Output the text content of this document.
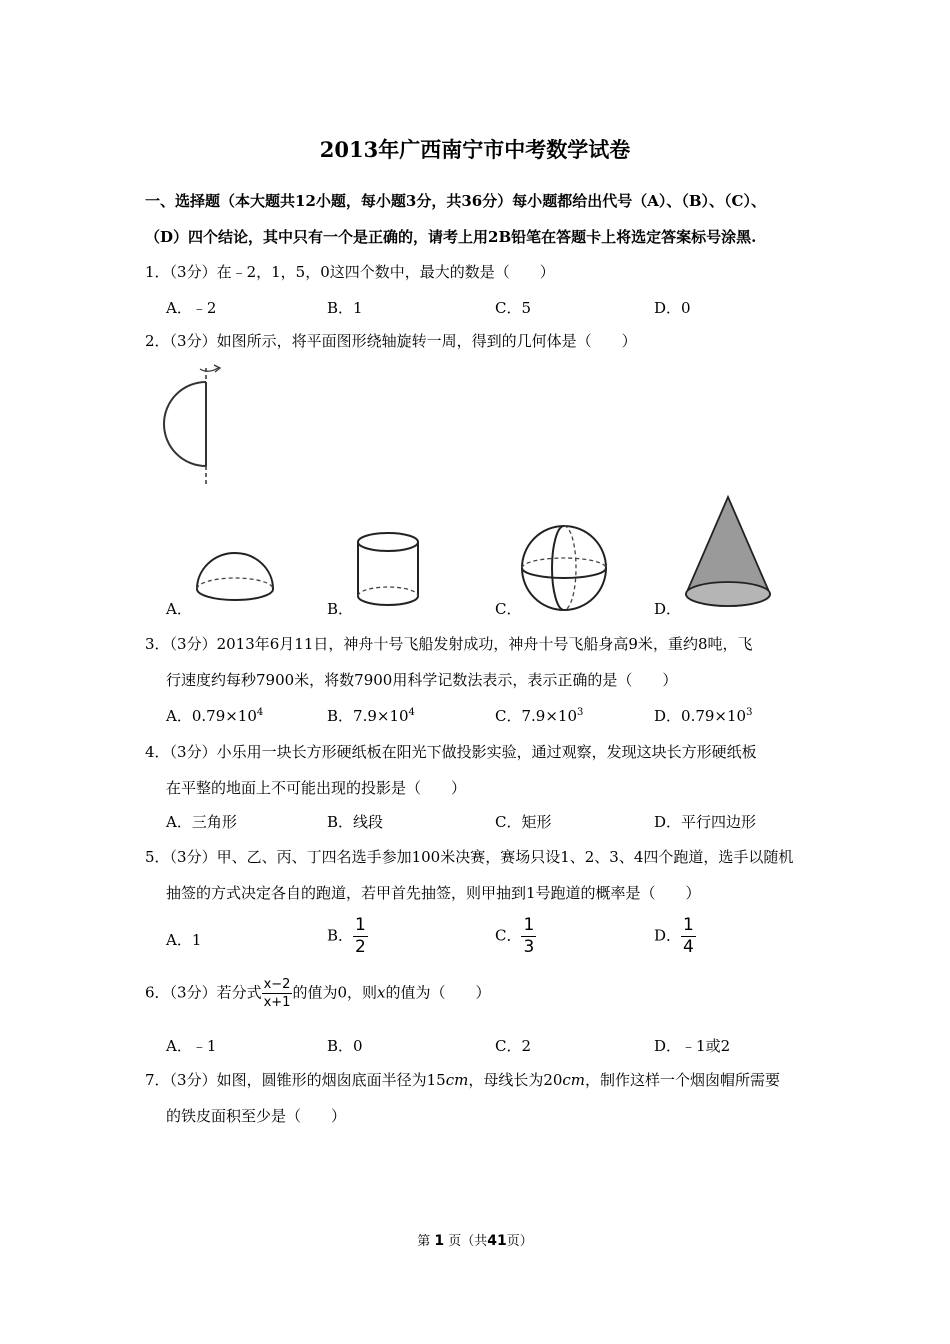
2013年广西南宁市中考数学试卷
一、选择题（本大题共12小题，每小题3分，共36分）每小题都给出代号（A）、（B）、（C）、
（D）四个结论，其中只有一个是正确的，请考上用2B铅笔在答题卡上将选定答案标号涂黑.
1．（3分）在﹣2，1，5，0这四个数中，最大的数是（　　）
A．﹣2	B．1	C．5	D．0
2．（3分）如图所示，将平面图形绕轴旋转一周，得到的几何体是（　　）
A．	B．	C．	D．
3．（3分）2013年6月11日，神舟十号飞船发射成功，神舟十号飞船身高9米，重约8吨，飞
行速度约每秒7900米，将数7900用科学记数法表示，表示正确的是（　　）
A．$0.79\times 10^4$	B．$7.9\times 10^4$	C．$7.9\times 10^3$	D．$0.79\times 10^3$
4．（3分）小乐用一块长方形硬纸板在阳光下做投影实验，通过观察，发现这块长方形硬纸板
在平整的地面上不可能出现的投影是（　　）
A．三角形	B．线段	C．矩形	D．平行四边形
5．（3分）甲、乙、丙、丁四名选手参加100米决赛，赛场只设1、2、3、4四个跑道，选手以随机
抽签的方式决定各自的跑道，若甲首先抽签，则甲抽到1号跑道的概率是（　　）
A．1	B． $\frac{1}{2}$	C． $\frac{1}{3}$	D． $\frac{1}{4}$
6．（3分）若分式 $\frac{x-2}{x+1}$ 的值为0，则x的值为（　　）
A．﹣1	B．0	C．2	D．﹣1或2
7．（3分）如图，圆锥形的烟囱底面半径为15cm，母线长为20cm，制作这样一个烟囱帽所需要
的铁皮面积至少是（　　）
第 1 页（共41页）
